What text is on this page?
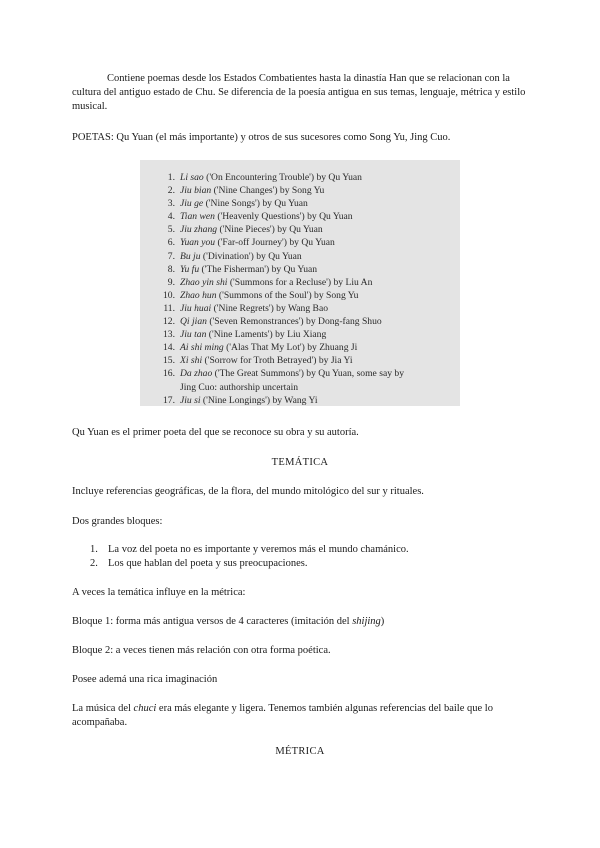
Contiene poemas desde los Estados Combatientes hasta la dinastía Han que se relacionan con la cultura del antiguo estado de Chu. Se diferencia de la poesía antigua en sus temas, lenguaje, métrica y estilo musical.

POETAS: Qu Yuan (el más importante) y otros de sus sucesores como Song Yu, Jing Cuo.

1. Li sao ('On Encountering Trouble') by Qu Yuan
2. Jiu bian ('Nine Changes') by Song Yu
3. Jiu ge ('Nine Songs') by Qu Yuan
4. Tian wen ('Heavenly Questions') by Qu Yuan
5. Jiu zhang ('Nine Pieces') by Qu Yuan
6. Yuan you ('Far-off Journey') by Qu Yuan
7. Bu ju ('Divination') by Qu Yuan
8. Yu fu ('The Fisherman') by Qu Yuan
9. Zhao yin shi ('Summons for a Recluse') by Liu An
10. Zhao hun ('Summons of the Soul') by Song Yu
11. Jiu huai ('Nine Regrets') by Wang Bao
12. Qi jian ('Seven Remonstrances') by Dong-fang Shuo
13. Jiu tan ('Nine Laments') by Liu Xiang
14. Ai shi ming ('Alas That My Lot') by Zhuang Ji
15. Xi shi ('Sorrow for Troth Betrayed') by Jia Yi
16. Da zhao ('The Great Summons') by Qu Yuan, some say by
Jing Cuo: authorship uncertain
17. Jiu si ('Nine Longings') by Wang Yi

Qu Yuan es el primer poeta del que se reconoce su obra y su autoría.

TEMÁTICA

Incluye referencias geográficas, de la flora, del mundo mitológico del sur y rituales.

Dos grandes bloques:

1. La voz del poeta no es importante y veremos más el mundo chamánico.

2. Los que hablan del poeta y sus preocupaciones.

A veces la temática influye en la métrica:

Bloque 1: forma más antigua versos de 4 caracteres (imitación del shijing)

Bloque 2: a veces tienen más relación con otra forma poética.

Posee ademá una rica imaginación

La música del chuci era más elegante y ligera. Tenemos también algunas referencias del baile que lo acompañaba.

MÉTRICA
